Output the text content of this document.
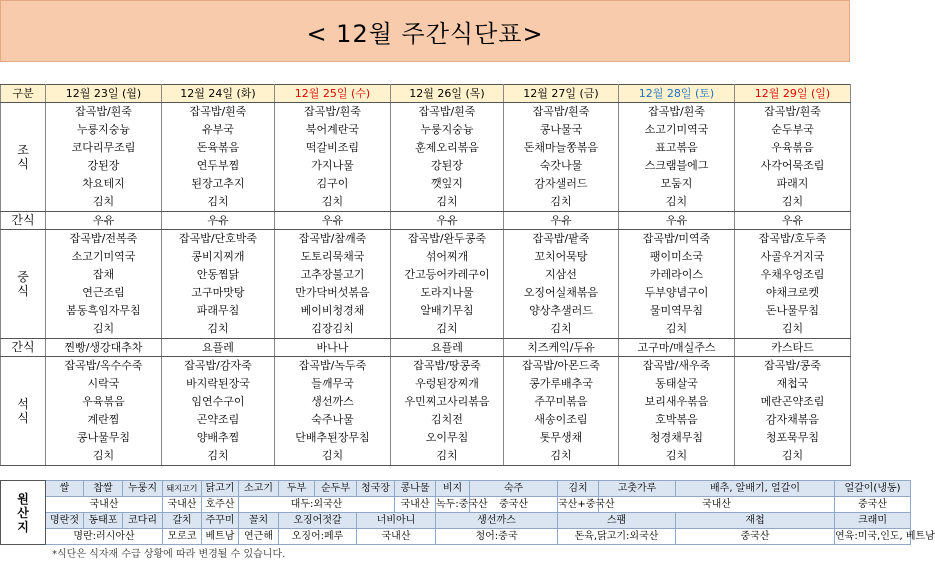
< 12월 주간식단표>
구분	12월 23일 (월)	12월 24일 (화)	12월 25일 (수)	12월 26일 (목)	12월 27일 (금)	12월 28일 (토)	12월 29일 (일)

조
식	잡곡밥/흰죽	잡곡밥/흰죽	잡곡밥/흰죽	잡곡밥/흰죽	잡곡밥/흰죽	잡곡밥/흰죽	잡곡밥/흰죽
	누룽지숭늉	유부국	북어계란국	누룽지숭늉	콩나물국	소고기미역국	순두부국
	코다리무조림	돈육볶음	떡갈비조림	훈제오리볶음	돈채마늘쫑볶음	표고볶음	우육볶음
	강된장	연두부찜	가지나물	강된장	숙갓나물	스크램블에그	사각어묵조림
	차요테지	된장고추지	김구이	깻잎지	감자샐러드	모둠지	파래지
	김치	김치	김치	김치	김치	김치	김치
간식	우유	우유	우유	우유	우유	우유	우유

중
식	잡곡밥/전복죽	잡곡밥/단호박죽	잡곡밥/참깨죽	잡곡밥/완두콩죽	잡곡밥/팥죽	잡곡밥/미역죽	잡곡밥/호두죽
	소고기미역국	콩비지찌개	도토리묵채국	섞어찌개	꼬치어묵탕	팽이미소국	사골우거지국
	잡채	안동찜닭	고추장불고기	간고등어카레구이	지삼선	카레라이스	우채우엉조림
	연근조림	고구마맛탕	만가닥버섯볶음	도라지나물	오징어실채볶음	두부양념구이	야채크로켓
	봄동흑임자무침	파래무침	베이비청경채	알배기무침	양상추샐러드	물미역무침	돈나물무침
	김치	김치	김장김치	김치	김치	김치	김치
간식	찐빵/생강대추차	요플레	바나나	요플레	치즈케익/두유	고구마/매실주스	카스타드

석
식	잡곡밥/옥수수죽	잡곡밥/감자죽	잡곡밥/녹두죽	잡곡밥/땅콩죽	잡곡밥/아몬드죽	잡곡밥/새우죽	잡곡밥/콩죽
	시락국	바지락된장국	들깨무국	우렁된장찌개	콩가루배추국	동태살국	재첩국
	우육볶음	임연수구이	생선까스	우민찌고사리볶음	주꾸미볶음	보리새우볶음	메란곤약조림
	계란찜	곤약조림	숙주나물	김치전	새송이조림	호박볶음	감자채볶음
	콩나물무침	양배추찜	단배추된장무침	오이무침	톳무생채	청경채무침	청포묵무침
	김치	김치	김치	김치	김치	김치	김치
원
산
지	쌀	찹쌀	누룽지	돼지고기	닭고기	소고기	두부	순두부	청국장	콩나물	비지	숙주	김치	고춧가루	배추, 알배기, 얼갈이	얼갈이(냉동)
	국내산			국내산	호주산	대두:외국산				국내산	녹두:중국산	중국산	국산+중국산	국내산		중국산
	명란젓	동태포	코다리	갈치	주꾸미	꼴치	오징어젓갈		너비아니		생선까스		스팸		재첩	크래미
	명란:러시아산			모로코	베트남	연근해	오징어:페루		국내산		청어:중국		돈육,닭고기:외국산		중국산	연육:미국,인도, 베트남
*식단은 식자재 수급 상황에 따라 변경될 수 있습니다.
